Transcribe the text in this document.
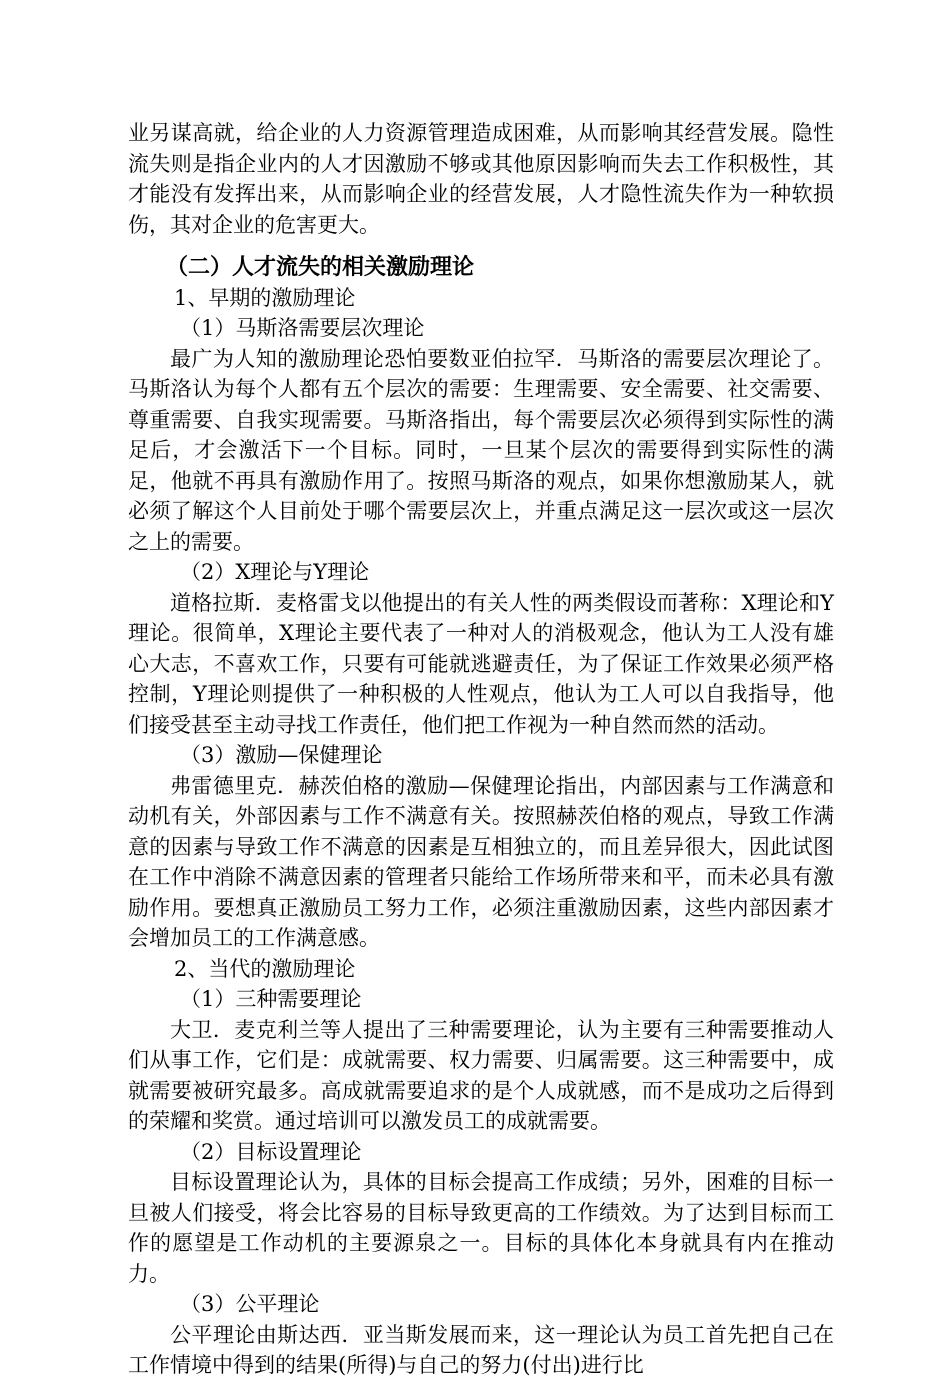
业另谋高就，给企业的人力资源管理造成困难，从而影响其经营发展。隐性流失则是指企业内的人才因激励不够或其他原因影响而失去工作积极性，其才能没有发挥出来，从而影响企业的经营发展，人才隐性流失作为一种软损伤，其对企业的危害更大。

（二）人才流失的相关激励理论

1、早期的激励理论

（1）马斯洛需要层次理论

最广为人知的激励理论恐怕要数亚伯拉罕．马斯洛的需要层次理论了。马斯洛认为每个人都有五个层次的需要：生理需要、安全需要、社交需要、尊重需要、自我实现需要。马斯洛指出，每个需要层次必须得到实际性的满足后，才会激活下一个目标。同时，一旦某个层次的需要得到实际性的满足，他就不再具有激励作用了。按照马斯洛的观点，如果你想激励某人，就必须了解这个人目前处于哪个需要层次上，并重点满足这一层次或这一层次之上的需要。

（2）X理论与Y理论

道格拉斯．麦格雷戈以他提出的有关人性的两类假设而著称：X理论和Y理论。很简单，X理论主要代表了一种对人的消极观念，他认为工人没有雄心大志，不喜欢工作，只要有可能就逃避责任，为了保证工作效果必须严格控制，Y理论则提供了一种积极的人性观点，他认为工人可以自我指导，他们接受甚至主动寻找工作责任，他们把工作视为一种自然而然的活动。

（3）激励—保健理论

弗雷德里克．赫茨伯格的激励—保健理论指出，内部因素与工作满意和动机有关，外部因素与工作不满意有关。按照赫茨伯格的观点，导致工作满意的因素与导致工作不满意的因素是互相独立的，而且差异很大，因此试图在工作中消除不满意因素的管理者只能给工作场所带来和平，而未必具有激励作用。要想真正激励员工努力工作，必须注重激励因素，这些内部因素才会增加员工的工作满意感。

2、当代的激励理论

（1）三种需要理论

大卫．麦克利兰等人提出了三种需要理论，认为主要有三种需要推动人们从事工作，它们是：成就需要、权力需要、归属需要。这三种需要中，成就需要被研究最多。高成就需要追求的是个人成就感，而不是成功之后得到的荣耀和奖赏。通过培训可以激发员工的成就需要。

（2）目标设置理论

目标设置理论认为，具体的目标会提高工作成绩；另外，困难的目标一旦被人们接受，将会比容易的目标导致更高的工作绩效。为了达到目标而工作的愿望是工作动机的主要源泉之一。目标的具体化本身就具有内在推动力。

（3）公平理论

公平理论由斯达西．亚当斯发展而来，这一理论认为员工首先把自己在工作情境中得到的结果(所得)与自己的努力(付出)进行比
